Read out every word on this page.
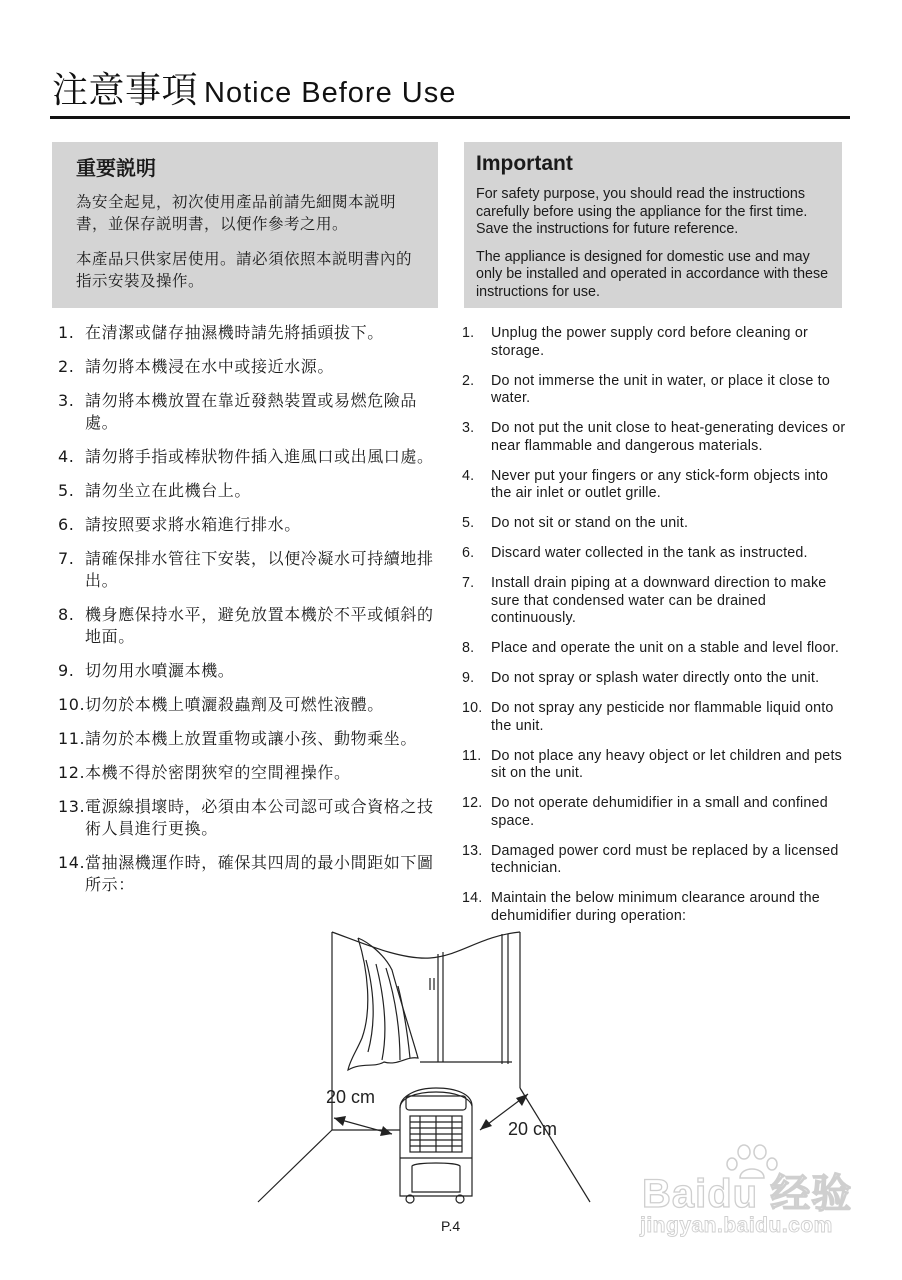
注意事項 Notice Before Use
重要説明

為安全起見，初次使用產品前請先細閱本説明書，並保存説明書，以便作參考之用。

本產品只供家居使用。請必須依照本説明書內的指示安裝及操作。

Important

For safety purpose, you should read the instructions carefully before using the appliance for the first time. Save the instructions for future reference.

The appliance is designed for domestic use and may only be installed and operated in accordance with these instructions for use.

1. 在清潔或儲存抽濕機時請先將插頭拔下。
2. 請勿將本機浸在水中或接近水源。
3. 請勿將本機放置在靠近發熱裝置或易燃危險品處。
4. 請勿將手指或棒狀物件插入進風口或出風口處。
5. 請勿坐立在此機台上。
6. 請按照要求將水箱進行排水。
7. 請確保排水管往下安裝，以便冷凝水可持續地排出。
8. 機身應保持水平，避免放置本機於不平或傾斜的地面。
9. 切勿用水噴灑本機。
10. 切勿於本機上噴灑殺蟲劑及可燃性液體。
11. 請勿於本機上放置重物或讓小孩、動物乘坐。
12. 本機不得於密閉狹窄的空間裡操作。
13. 電源線損壞時，必須由本公司認可或合資格之技術人員進行更換。
14. 當抽濕機運作時，確保其四周的最小間距如下圖所示：
1. Unplug the power supply cord before cleaning or storage.
2. Do not immerse the unit in water, or place it close to water.
3. Do not put the unit close to heat-generating devices or near flammable and dangerous materials.
4. Never put your fingers or any stick-form objects into the air inlet or outlet grille.
5. Do not sit or stand on the unit.
6. Discard water collected in the tank as instructed.
7. Install drain piping at a downward direction to make sure that condensed water can be drained continuously.
8. Place and operate the unit on a stable and level floor.
9. Do not spray or splash water directly onto the unit.
10. Do not spray any pesticide nor flammable liquid onto the unit.
11. Do not place any heavy object or let children and pets sit on the unit.
12. Do not operate dehumidifier in a small and confined space.
13. Damaged power cord must be replaced by a licensed technician.
14. Maintain the below minimum clearance around the dehumidifier during operation:
20 cm
20 cm
P.4
Baidu 经验
jingyan.baidu.com
